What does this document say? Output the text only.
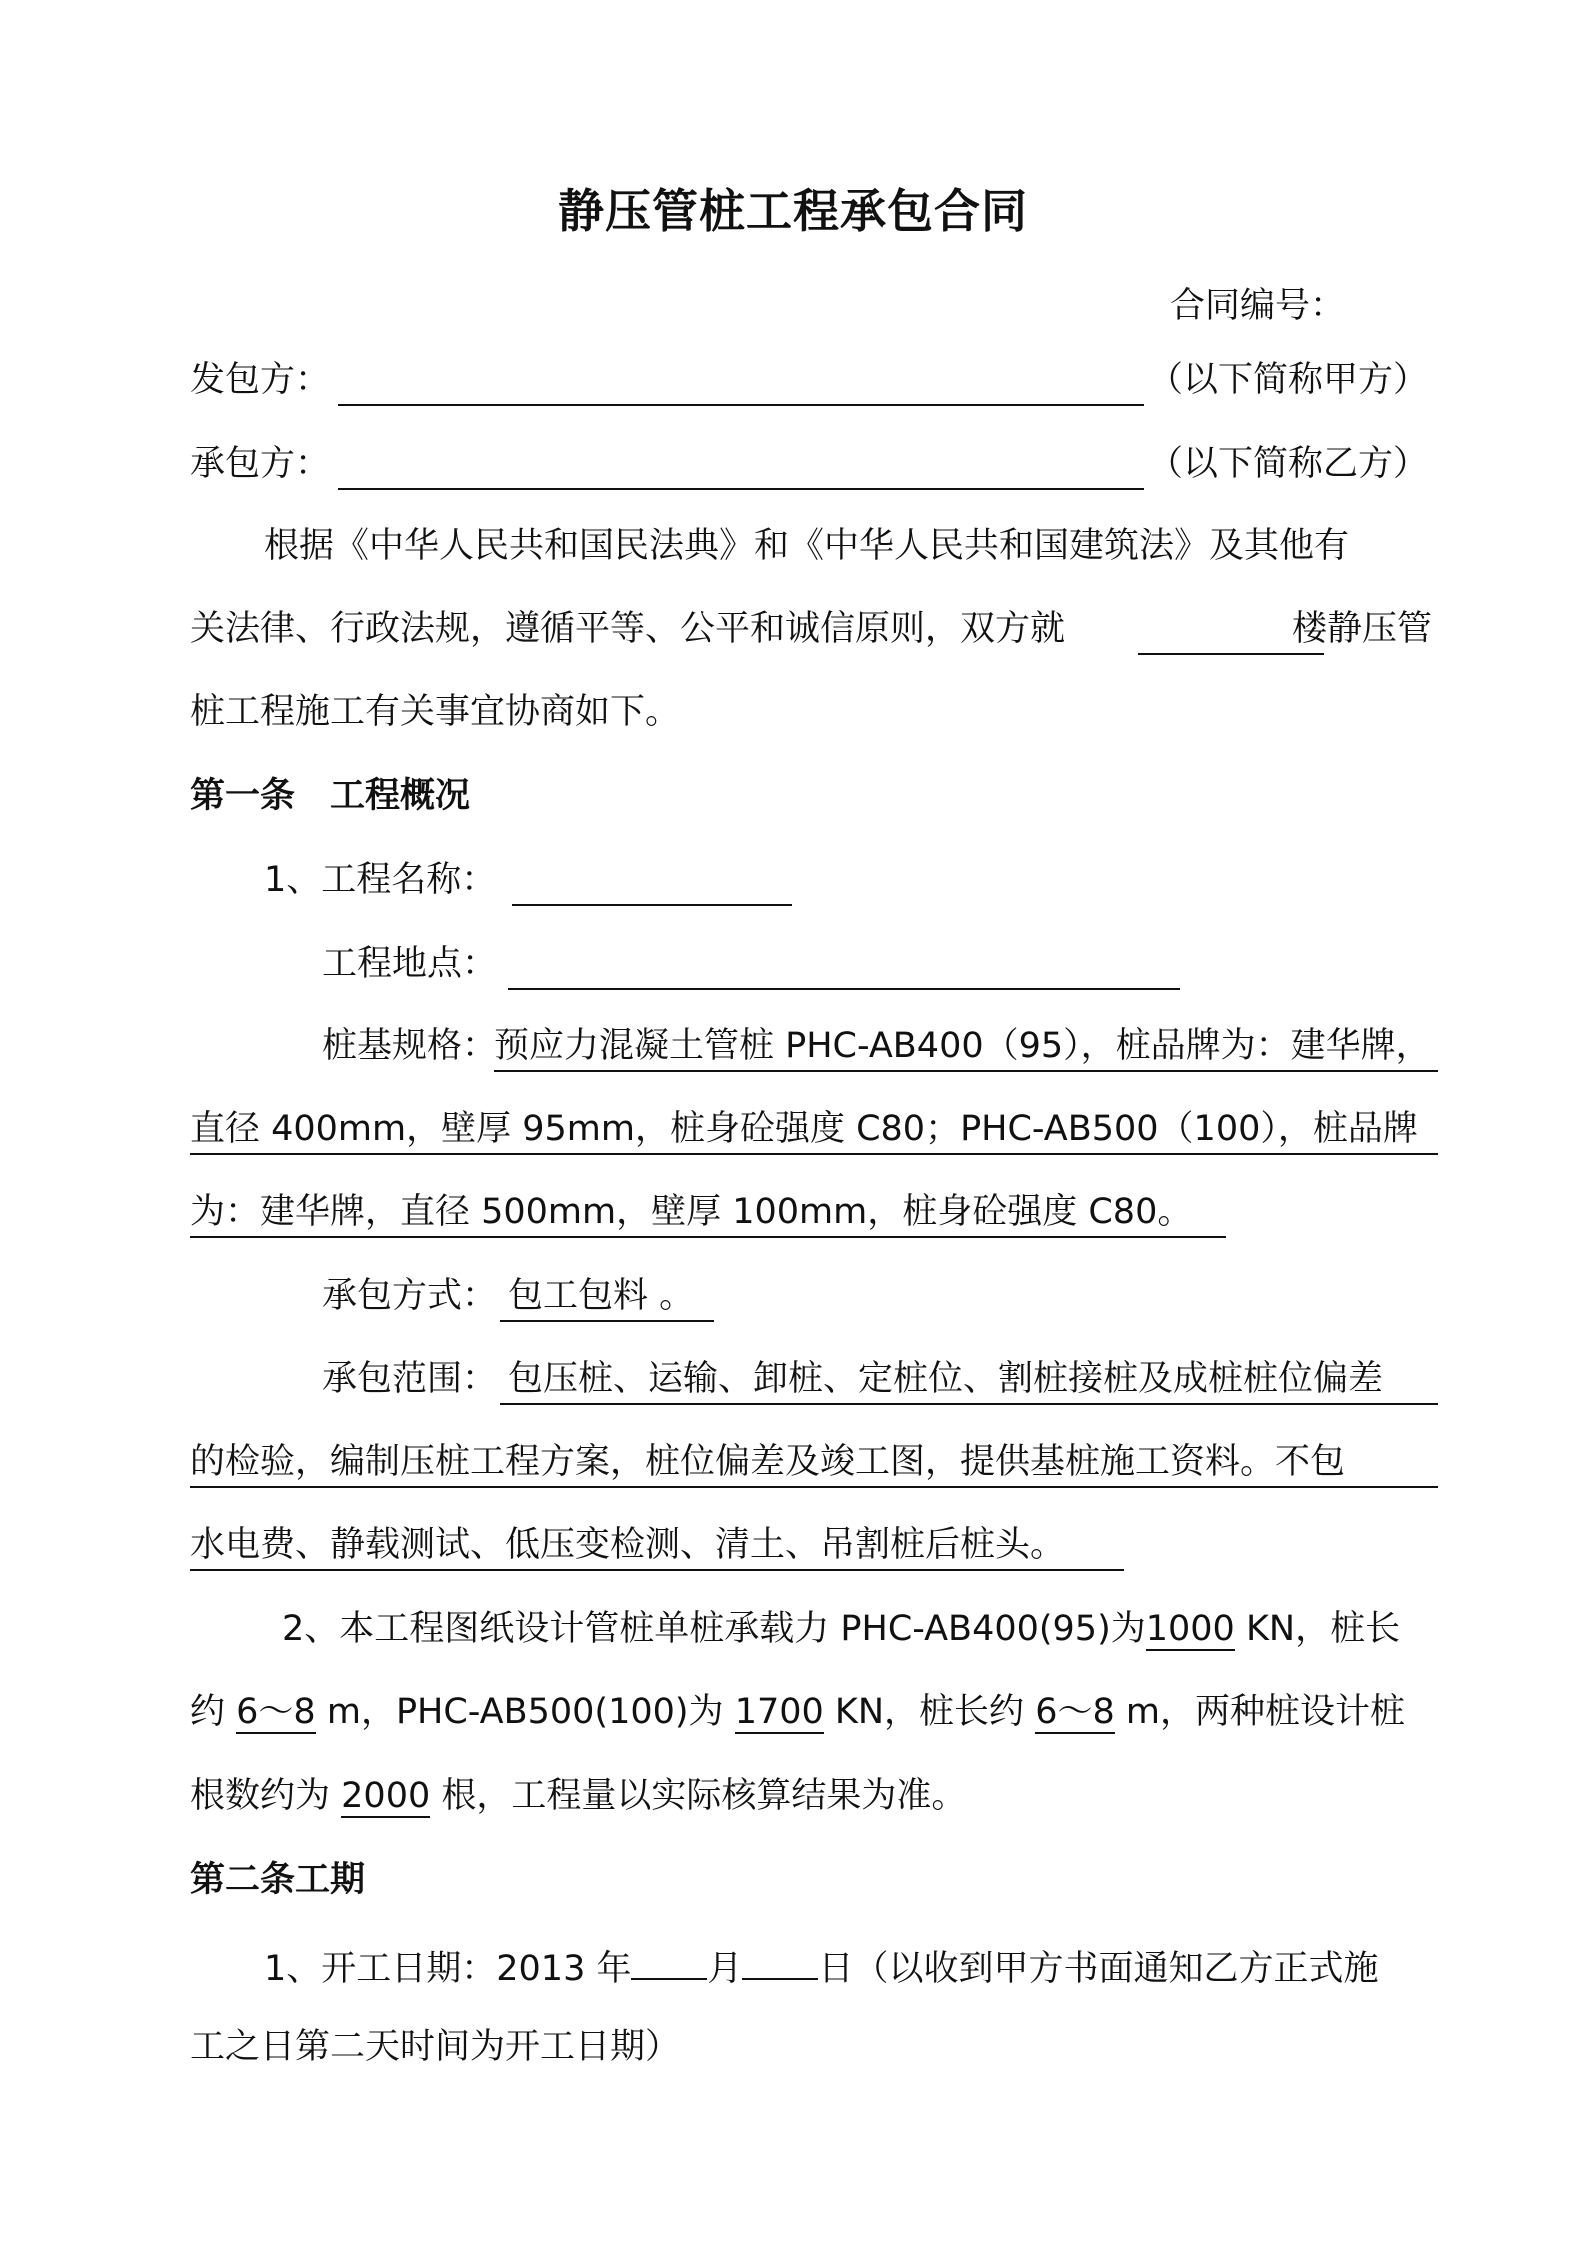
静压管桩工程承包合同
合同编号：
发包方：	（以下简称甲方）
承包方：	（以下简称乙方）
根据《中华人民共和国民法典》和《中华人民共和国建筑法》及其他有
关法律、行政法规，遵循平等、公平和诚信原则，双方就	楼静压管
桩工程施工有关事宜协商如下。
第一条　工程概况
1、工程名称：
工程地点：
桩基规格：
预应力混凝土管桩 PHC-AB400（95），桩品牌为：建华牌，
直径 400mm，壁厚 95mm，桩身砼强度 C80；PHC-AB500（100），桩品牌
为：建华牌，直径 500mm，壁厚 100mm，桩身砼强度 C80。
承包方式： 包工包料 。
承包范围： 包压桩、运输、卸桩、定桩位、割桩接桩及成桩桩位偏差
的检验，编制压桩工程方案，桩位偏差及竣工图，提供基桩施工资料。不包
水电费、静载测试、低压变检测、清土、吊割桩后桩头。
2、本工程图纸设计管桩单桩承载力 PHC-AB400(95)为1000 KN，桩长
约 6～8 m，PHC-AB500(100)为 1700 KN，桩长约 6～8 m，两种桩设计桩
根数约为 2000 根，工程量以实际核算结果为准。
第二条工期
1、开工日期：2013 年 月 日（以收到甲方书面通知乙方正式施
工之日第二天时间为开工日期）
